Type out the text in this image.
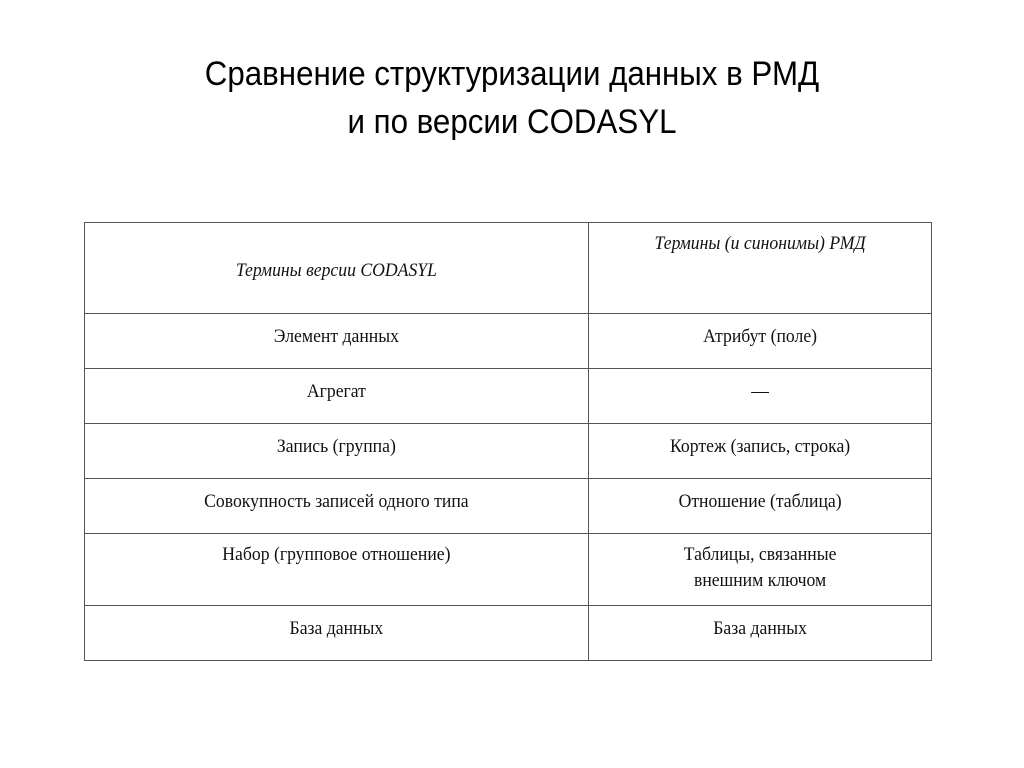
Сравнение структуризации данных в РМД
и по версии CODASYL
Термины версии CODASYL	Термины (и синонимы) РМД

Элемент данных	Атрибут (поле)

Агрегат	—

Запись (группа)	Кортеж (запись, строка)

Совокупность записей одного типа	Отношение (таблица)

Набор (групповое отношение)	Таблицы, связанные
внешним ключом

База данных	База данных
